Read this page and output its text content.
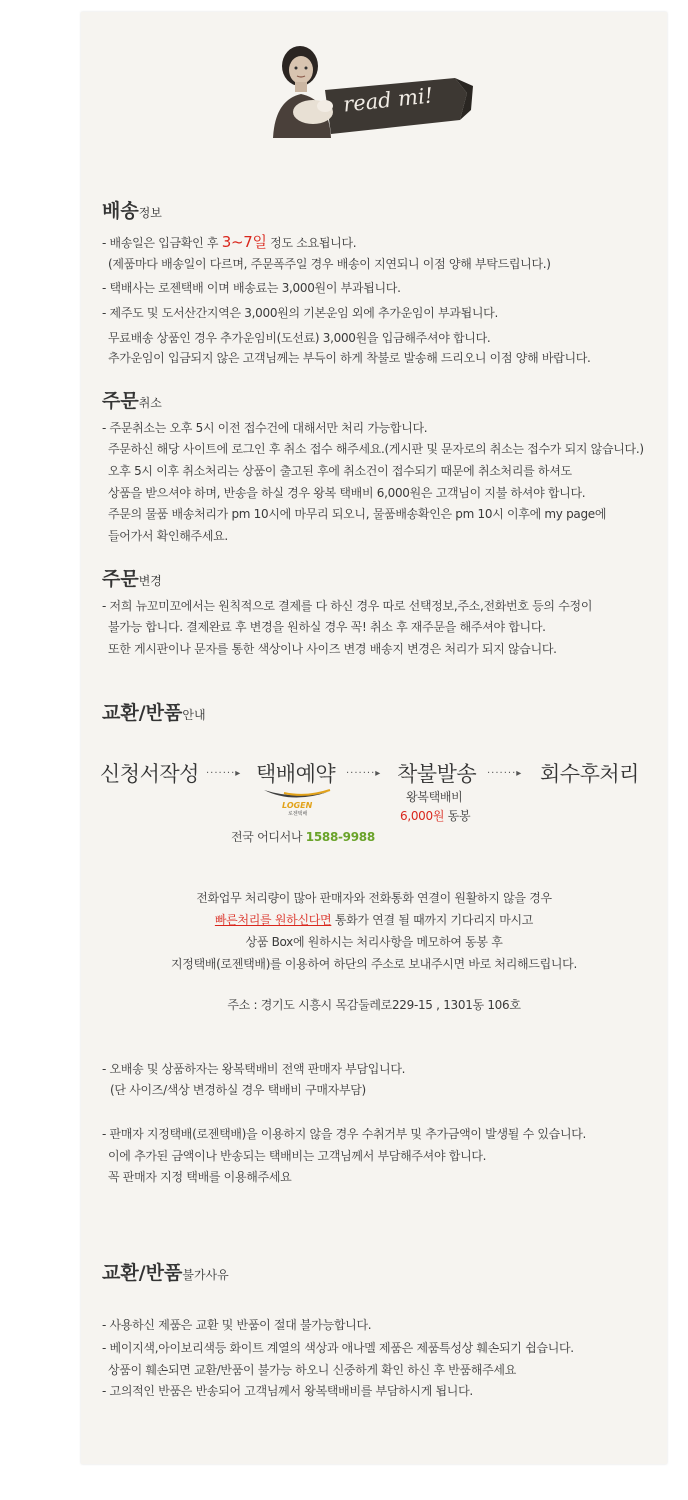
read mi!
배송정보
- 배송일은 입금확인 후 3~7일 정도 소요됩니다.
(제품마다 배송일이 다르며, 주문폭주일 경우 배송이 지연되니 이점 양해 부탁드립니다.)
- 택배사는 로젠택배 이며 배송료는 3,000원이 부과됩니다.
- 제주도 및 도서산간지역은 3,000원의 기본운임 외에 추가운임이 부과됩니다.
무료배송 상품인 경우 추가운임비(도선료) 3,000원을 입금해주셔야 합니다.
추가운임이 입금되지 않은 고객님께는 부득이 하게 착불로 발송해 드리오니 이점 양해 바랍니다.
주문취소
- 주문취소는 오후 5시 이전 접수건에 대해서만 처리 가능합니다.
주문하신 해당 사이트에 로그인 후 취소 접수 해주세요.(게시판 및 문자로의 취소는 접수가 되지 않습니다.)
오후 5시 이후 취소처리는 상품이 출고된 후에 취소건이 접수되기 때문에 취소처리를 하셔도
상품을 받으셔야 하며, 반송을 하실 경우 왕복 택배비 6,000원은 고객님이 지불 하셔야 합니다.
주문의 물품 배송처리가 pm 10시에 마무리 되오니, 물품배송확인은 pm 10시 이후에 my page에
들어가서 확인해주세요.
주문변경
- 저희 뉴꼬미꼬에서는 원칙적으로 결제를 다 하신 경우 따로 선택정보,주소,전화번호 등의 수정이
불가능 합니다. 결제완료 후 변경을 원하실 경우 꼭! 취소 후 재주문을 해주셔야 합니다.
또한 게시판이나 문자를 통한 색상이나 사이즈 변경 배송지 변경은 처리가 되지 않습니다.
교환/반품안내
신청서작성 ·······▸ 택배예약 ·······▸ 착불발송 ·······▸ 회수후처리
LOGEN
로젠택배
전국 어디서나 1588-9988
왕복택배비
6,000원 동봉
전화업무 처리량이 많아 판매자와 전화통화 연결이 원활하지 않을 경우
빠른처리를 원하신다면 통화가 연결 될 때까지 기다리지 마시고
상품 Box에 원하시는 처리사항을 메모하여 동봉 후
지정택배(로젠택배)를 이용하여 하단의 주소로 보내주시면 바로 처리해드립니다.
주소 : 경기도 시흥시 목감둘레로229-15 , 1301동 106호
- 오배송 및 상품하자는 왕복택배비 전액 판매자 부담입니다.
(단 사이즈/색상 변경하실 경우 택배비 구매자부담)
- 판매자 지정택배(로젠택배)을 이용하지 않을 경우 수취거부 및 추가금액이 발생될 수 있습니다.
이에 추가된 금액이나 반송되는 택배비는 고객님께서 부담해주셔야 합니다.
꼭 판매자 지정 택배를 이용해주세요
교환/반품불가사유
- 사용하신 제품은 교환 및 반품이 절대 불가능합니다.
- 베이지색,아이보리색등 화이트 계열의 색상과 애나멜 제품은 제품특성상 훼손되기 쉽습니다.
상품이 훼손되면 교환/반품이 불가능 하오니 신중하게 확인 하신 후 반품해주세요
- 고의적인 반품은 반송되어 고객님께서 왕복택배비를 부담하시게 됩니다.
